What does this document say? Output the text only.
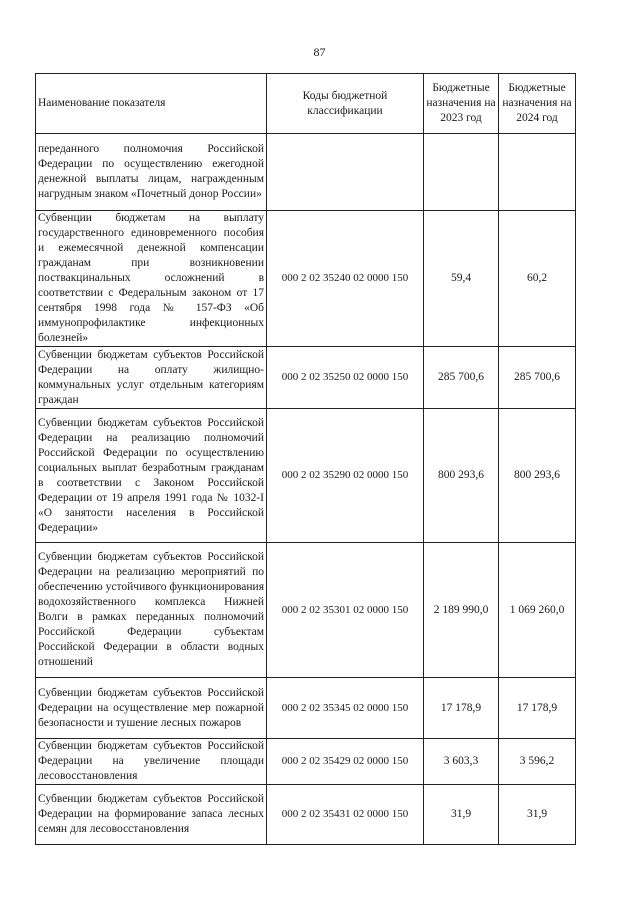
87
Наименование показателя	Коды бюджетной классификации	Бюджетные назначения на 2023 год	Бюджетные назначения на 2024 год
переданного полномочия Российской Федерации по осуществлению ежегодной денежной выплаты лицам, награжденным нагрудным знаком «Почетный донор России»			
Субвенции бюджетам на выплату государственного единовременного пособия и ежемесячной денежной компенсации гражданам при возникновении поствакцинальных осложнений в соответствии с Федеральным законом от 17 сентября 1998 года № 157-ФЗ «Об иммунопрофилактике инфекционных болезней»	000 2 02 35240 02 0000 150	59,4	60,2
Субвенции бюджетам субъектов Российской Федерации на оплату жилищно-коммунальных услуг отдельным категориям граждан	000 2 02 35250 02 0000 150	285 700,6	285 700,6
Субвенции бюджетам субъектов Российской Федерации на реализацию полномочий Российской Федерации по осуществлению социальных выплат безработным гражданам в соответствии с Законом Российской Федерации от 19 апреля 1991 года № 1032-I «О занятости населения в Российской Федерации»	000 2 02 35290 02 0000 150	800 293,6	800 293,6
Субвенции бюджетам субъектов Российской Федерации на реализацию мероприятий по обеспечению устойчивого функционирования водохозяйственного комплекса Нижней Волги в рамках переданных полномочий Российской Федерации субъектам Российской Федерации в области водных отношений	000 2 02 35301 02 0000 150	2 189 990,0	1 069 260,0
Субвенции бюджетам субъектов Российской Федерации на осуществление мер пожарной безопасности и тушение лесных пожаров	000 2 02 35345 02 0000 150	17 178,9	17 178,9
Субвенции бюджетам субъектов Российской Федерации на увеличение площади лесовосстановления	000 2 02 35429 02 0000 150	3 603,3	3 596,2
Субвенции бюджетам субъектов Российской Федерации на формирование запаса лесных семян для лесовосстановления	000 2 02 35431 02 0000 150	31,9	31,9
